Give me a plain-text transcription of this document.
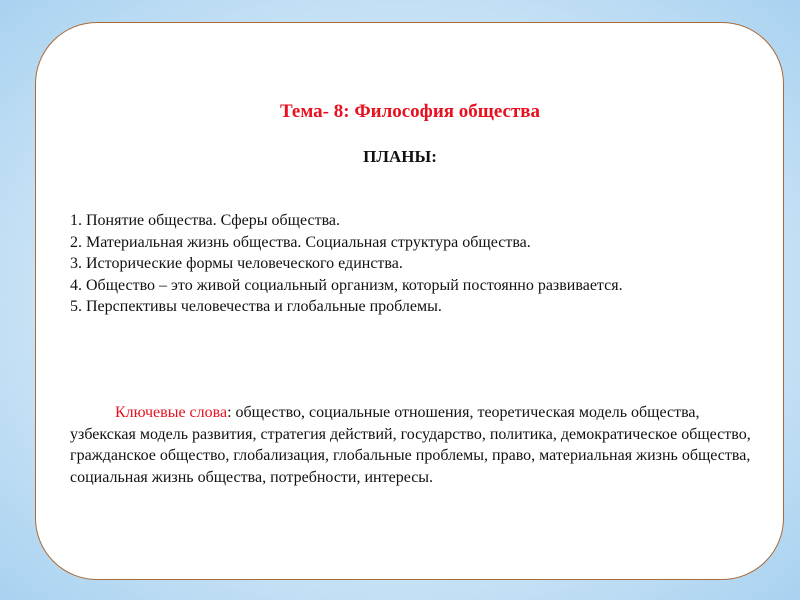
Тема- 8: Философия общества
ПЛАНЫ:
1. Понятие общества. Сферы общества.
2. Материальная жизнь общества. Социальная структура общества.
3. Исторические формы человеческого единства.
4. Общество – это живой социальный организм, который постоянно развивается.
5. Перспективы человечества и глобальные проблемы.

Ключевые слова: общество, социальные отношения, теоретическая модель общества, узбекская модель развития, стратегия действий, государство, политика, демократическое общество, гражданское общество, глобализация, глобальные проблемы, право, материальная жизнь общества, социальная жизнь общества, потребности, интересы.
